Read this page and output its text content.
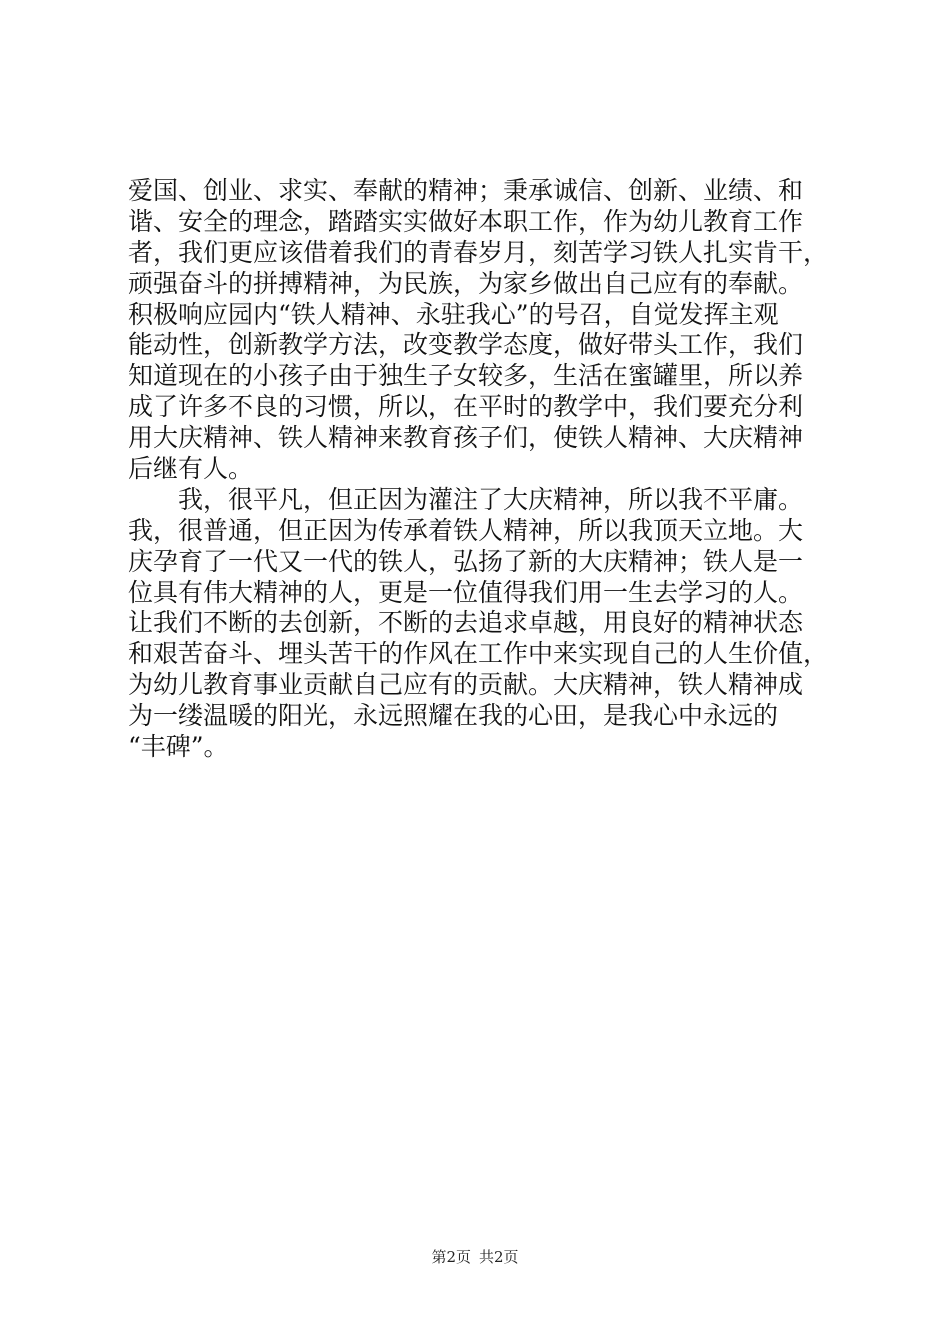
爱国、创业、求实、奉献的精神；秉承诚信、创新、业绩、和

谐、安全的理念，踏踏实实做好本职工作，作为幼儿教育工作

者，我们更应该借着我们的青春岁月，刻苦学习铁人扎实肯干，

顽强奋斗的拼搏精神，为民族，为家乡做出自己应有的奉献。

积极响应园内“铁人精神、永驻我心”的号召，自觉发挥主观

能动性，创新教学方法，改变教学态度，做好带头工作，我们

知道现在的小孩子由于独生子女较多，生活在蜜罐里，所以养

成了许多不良的习惯，所以，在平时的教学中，我们要充分利

用大庆精神、铁人精神来教育孩子们，使铁人精神、大庆精神

后继有人。

我，很平凡，但正因为灌注了大庆精神，所以我不平庸。

我，很普通，但正因为传承着铁人精神，所以我顶天立地。大

庆孕育了一代又一代的铁人，弘扬了新的大庆精神；铁人是一

位具有伟大精神的人，更是一位值得我们用一生去学习的人。

让我们不断的去创新，不断的去追求卓越，用良好的精神状态

和艰苦奋斗、埋头苦干的作风在工作中来实现自己的人生价值，

为幼儿教育事业贡献自己应有的贡献。大庆精神，铁人精神成

为一缕温暖的阳光，永远照耀在我的心田，是我心中永远的

“丰碑”。

第2页 共2页
